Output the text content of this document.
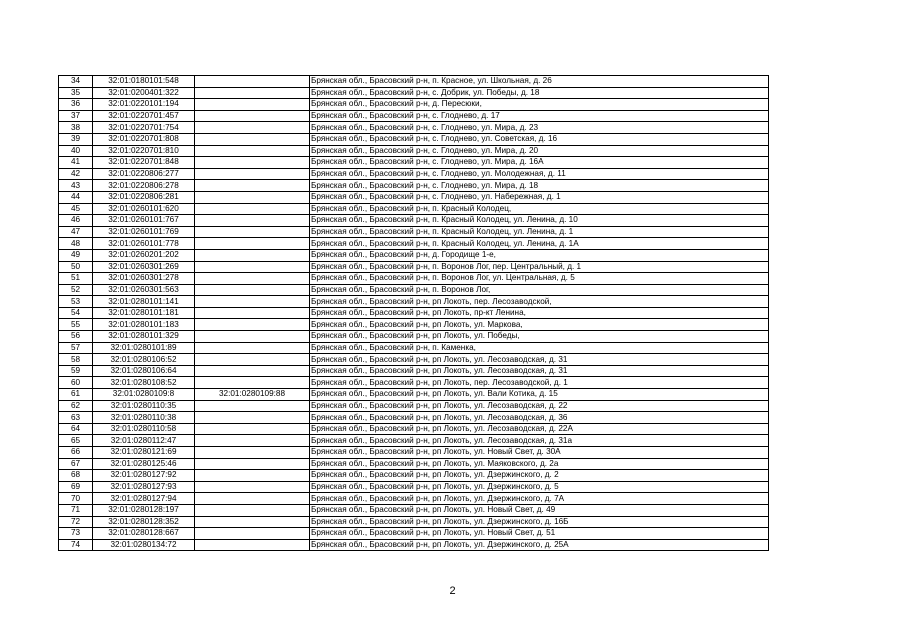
34	32:01:0180101:548		Брянская обл., Брасовский р-н, п. Красное, ул. Школьная, д. 26
35	32:01:0200401:322		Брянская обл., Брасовский р-н, с. Добрик, ул. Победы, д. 18
36	32:01:0220101:194		Брянская обл., Брасовский р-н, д. Пересюки,
37	32:01:0220701:457		Брянская обл., Брасовский р-н, с. Глоднево, д. 17
38	32:01:0220701:754		Брянская обл., Брасовский р-н, с. Глоднево, ул. Мира, д. 23
39	32:01:0220701:808		Брянская обл., Брасовский р-н, с. Глоднево, ул. Советская, д. 16
40	32:01:0220701:810		Брянская обл., Брасовский р-н, с. Глоднево, ул. Мира, д. 20
41	32:01:0220701:848		Брянская обл., Брасовский р-н, с. Глоднево, ул. Мира, д. 16А
42	32:01:0220806:277		Брянская обл., Брасовский р-н, с. Глоднево, ул. Молодежная, д. 11
43	32:01:0220806:278		Брянская обл., Брасовский р-н, с. Глоднево, ул. Мира, д. 18
44	32:01:0220806:281		Брянская обл., Брасовский р-н, с. Глоднево, ул. Набережная, д. 1
45	32:01:0260101:620		Брянская обл., Брасовский р-н, п. Красный Колодец,
46	32:01:0260101:767		Брянская обл., Брасовский р-н, п. Красный Колодец, ул. Ленина, д. 10
47	32:01:0260101:769		Брянская обл., Брасовский р-н, п. Красный Колодец, ул. Ленина, д. 1
48	32:01:0260101:778		Брянская обл., Брасовский р-н, п. Красный Колодец, ул. Ленина, д. 1А
49	32:01:0260201:202		Брянская обл., Брасовский р-н, д. Городище 1-е,
50	32:01:0260301:269		Брянская обл., Брасовский р-н, п. Воронов Лог, пер. Центральный, д. 1
51	32:01:0260301:278		Брянская обл., Брасовский р-н, п. Воронов Лог, ул. Центральная, д. 5
52	32:01:0260301:563		Брянская обл., Брасовский р-н, п. Воронов Лог,
53	32:01:0280101:141		Брянская обл., Брасовский р-н, рп Локоть, пер. Лесозаводской,
54	32:01:0280101:181		Брянская обл., Брасовский р-н, рп Локоть, пр-кт Ленина,
55	32:01:0280101:183		Брянская обл., Брасовский р-н, рп Локоть, ул. Маркова,
56	32:01:0280101:329		Брянская обл., Брасовский р-н, рп Локоть, ул. Победы,
57	32:01:0280101:89		Брянская обл., Брасовский р-н, п. Каменка,
58	32:01:0280106:52		Брянская обл., Брасовский р-н, рп Локоть, ул. Лесозаводская, д. 31
59	32:01:0280106:64		Брянская обл., Брасовский р-н, рп Локоть, ул. Лесозаводская, д. 31
60	32:01:0280108:52		Брянская обл., Брасовский р-н, рп Локоть, пер. Лесозаводской, д. 1
61	32:01:0280109:8	32:01:0280109:88	Брянская обл., Брасовский р-н, рп Локоть, ул. Вали Котика, д. 15
62	32:01:0280110:35		Брянская обл., Брасовский р-н, рп Локоть, ул. Лесозаводская, д. 22
63	32:01:0280110:38		Брянская обл., Брасовский р-н, рп Локоть, ул. Лесозаводская, д. 36
64	32:01:0280110:58		Брянская обл., Брасовский р-н, рп Локоть, ул. Лесозаводская, д. 22А
65	32:01:0280112:47		Брянская обл., Брасовский р-н, рп Локоть, ул. Лесозаводская, д. 31а
66	32:01:0280121:69		Брянская обл., Брасовский р-н, рп Локоть, ул. Новый Свет, д. 30А
67	32:01:0280125:46		Брянская обл., Брасовский р-н, рп Локоть, ул. Маяковского, д. 2а
68	32:01:0280127:92		Брянская обл., Брасовский р-н, рп Локоть, ул. Дзержинского, д. 2
69	32:01:0280127:93		Брянская обл., Брасовский р-н, рп Локоть, ул. Дзержинского, д. 5
70	32:01:0280127:94		Брянская обл., Брасовский р-н, рп Локоть, ул. Дзержинского, д. 7А
71	32:01:0280128:197		Брянская обл., Брасовский р-н, рп Локоть, ул. Новый Свет, д. 49
72	32:01:0280128:352		Брянская обл., Брасовский р-н, рп Локоть, ул. Дзержинского, д. 16Б
73	32:01:0280128:667		Брянская обл., Брасовский р-н, рп Локоть, ул. Новый Свет, д. 51
74	32:01:0280134:72		Брянская обл., Брасовский р-н, рп Локоть, ул. Дзержинского, д. 25А
2
